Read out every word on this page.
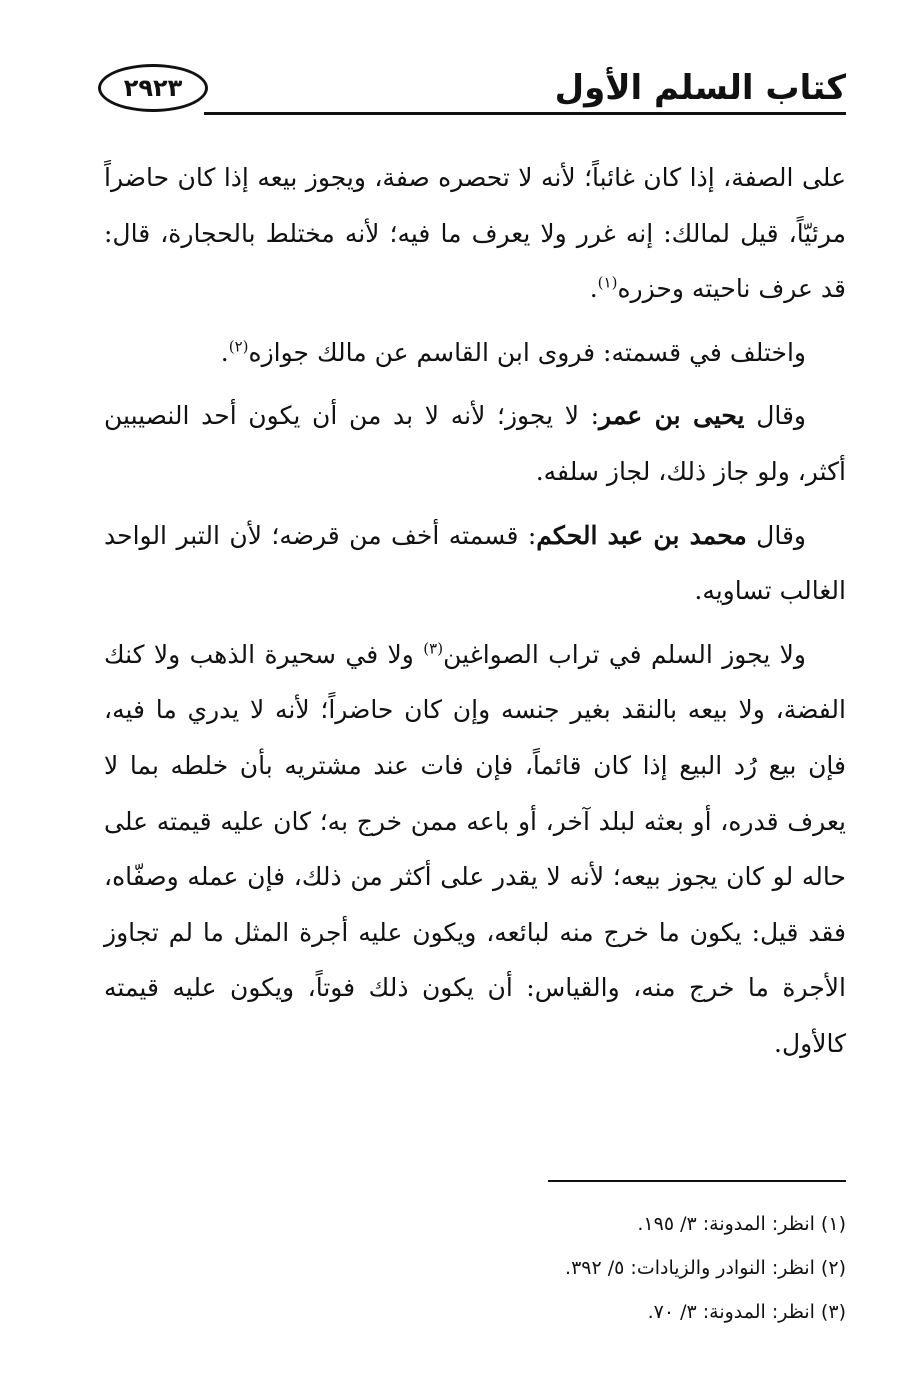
كتاب السلم الأول
٢٩٢٣

على الصفة، إذا كان غائباً؛ لأنه لا تحصره صفة، ويجوز بيعه إذا كان حاضراً مرئيّاً، قيل لمالك: إنه غرر ولا يعرف ما فيه؛ لأنه مختلط بالحجارة، قال: قد عرف ناحيته وحزره$^{(١)}$.

واختلف في قسمته: فروى ابن القاسم عن مالك جوازه$^{(٢)}$.

وقال يحيى بن عمر: لا يجوز؛ لأنه لا بد من أن يكون أحد النصيبين أكثر، ولو جاز ذلك، لجاز سلفه.

وقال محمد بن عبد الحكم: قسمته أخف من قرضه؛ لأن التبر الواحد الغالب تساويه.

ولا يجوز السلم في تراب الصواغين$^{(٣)}$ ولا في سحيرة الذهب ولا كنك الفضة، ولا بيعه بالنقد بغير جنسه وإن كان حاضراً؛ لأنه لا يدري ما فيه، فإن بيع رُد البيع إذا كان قائماً، فإن فات عند مشتريه بأن خلطه بما لا يعرف قدره، أو بعثه لبلد آخر، أو باعه ممن خرج به؛ كان عليه قيمته على حاله لو كان يجوز بيعه؛ لأنه لا يقدر على أكثر من ذلك، فإن عمله وصفّاه، فقد قيل: يكون ما خرج منه لبائعه، ويكون عليه أجرة المثل ما لم تجاوز الأجرة ما خرج منه، والقياس: أن يكون ذلك فوتاً، ويكون عليه قيمته كالأول.

(١) انظر: المدونة: ٣/ ١٩٥.
(٢) انظر: النوادر والزيادات: ٥/ ٣٩٢.
(٣) انظر: المدونة: ٣/ ٧٠.
